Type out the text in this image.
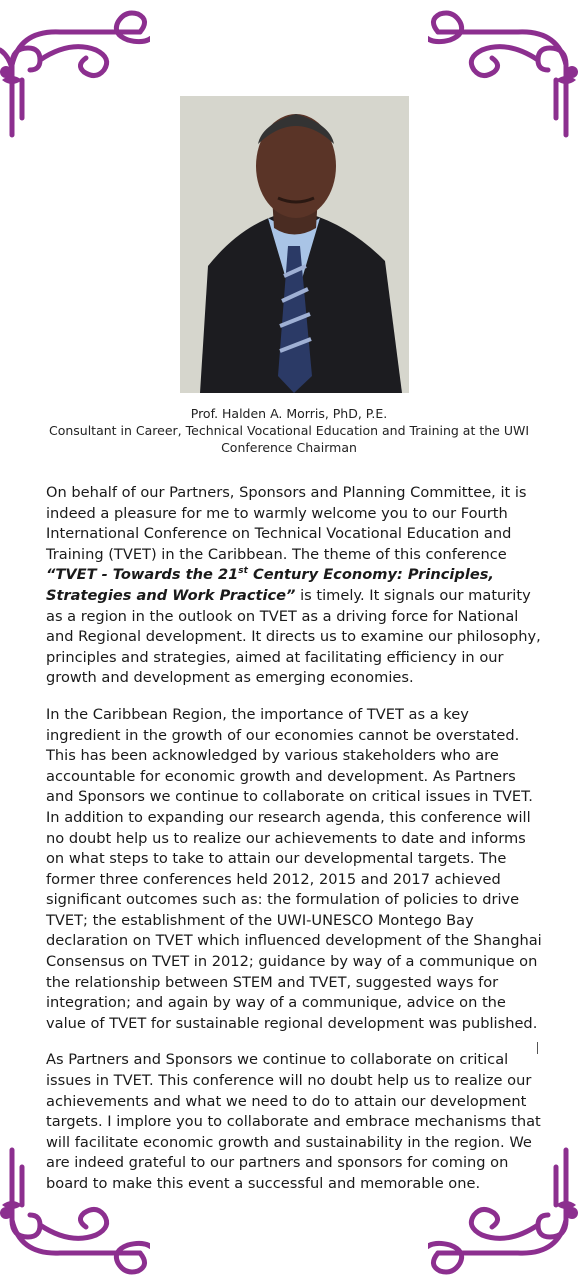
Prof. Halden A. Morris, PhD, P.E.
Consultant in Career, Technical Vocational Education and Training at the UWI
Conference Chairman

On behalf of our Partners, Sponsors and Planning Committee, it is indeed a pleasure for me to warmly welcome you to our Fourth International Conference on Technical Vocational Education and Training (TVET) in the Caribbean. The theme of this conference “TVET - Towards the 21st Century Economy: Principles, Strategies and Work Practice” is timely. It signals our maturity as a region in the outlook on TVET as a driving force for National and Regional development. It directs us to examine our philosophy, principles and strategies, aimed at facilitating efficiency in our growth and development as emerging economies.

In the Caribbean Region, the importance of TVET as a key ingredient in the growth of our economies cannot be overstated. This has been acknowledged by various stakeholders who are accountable for economic growth and development. As Partners and Sponsors we continue to collaborate on critical issues in TVET. In addition to expanding our research agenda, this conference will no doubt help us to realize our achievements to date and informs on what steps to take to attain our developmental targets. The former three conferences held 2012, 2015 and 2017 achieved significant outcomes such as: the formulation of policies to drive TVET; the establishment of the UWI-UNESCO Montego Bay declaration on TVET which influenced development of the Shanghai Consensus on TVET in 2012; guidance by way of a communique on the relationship between STEM and TVET, suggested ways for integration; and again by way of a communique, advice on the value of TVET for sustainable regional development was published.

As Partners and Sponsors we continue to collaborate on critical issues in TVET. This conference will no doubt help us to realize our achievements and what we need to do to attain our development targets. I implore you to collaborate and embrace mechanisms that will facilitate economic growth and sustainability in the region. We are indeed grateful to our partners and sponsors for coming on board to make this event a successful and memorable one.
